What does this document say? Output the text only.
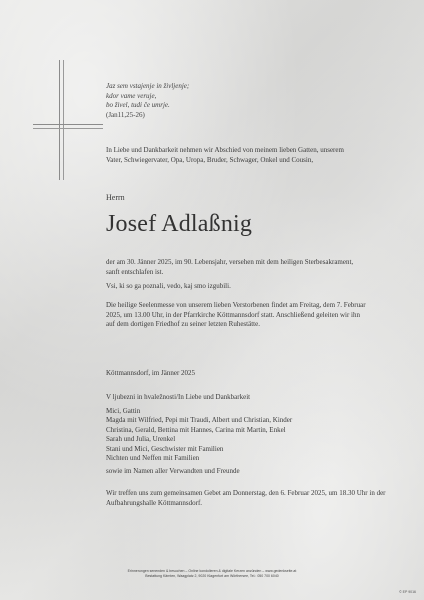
Jaz sem vstajenje in življenje;

kdor vame veruje,

bo živel, tudi če umrje.

(Jan11,25-26)

In Liebe und Dankbarkeit nehmen wir Abschied von meinem lieben Gatten, unserem Vater, Schwiegervater, Opa, Uropa, Bruder, Schwager, Onkel und Cousin,

Herrn

Josef Adlaßnig

der am 30. Jänner 2025, im 90. Lebensjahr, versehen mit dem heiligen Sterbesakrament, sanft entschlafen ist.

Vsi, ki so ga poznali, vedo, kaj smo izgubili.

Die heilige Seelenmesse von unserem lieben Verstorbenen findet am Freitag, dem 7. Februar 2025, um 13.00 Uhr, in der Pfarrkirche Köttmannsdorf statt. Anschließend geleiten wir ihn auf dem dortigen Friedhof zu seiner letzten Ruhestätte.

Köttmannsdorf, im Jänner 2025

V ljubezni in hvaležnosti/In Liebe und Dankbarkeit

Mici, Gattin

Magda mit Wilfried, Pepi mit Traudi, Albert und Christian, Kinder

Christina, Gerald, Bettina mit Hannes, Carina mit Martin, Enkel

Sarah und Julia, Urenkel

Stani und Mici, Geschwister mit Familien

Nichten und Neffen mit Familien

sowie im Namen aller Verwandten und Freunde

Wir treffen uns zum gemeinsamen Gebet am Donnerstag, den 6. Februar 2025, um 18.30 Uhr in der Aufbahrungshalle Köttmannsdorf.

Erinnerungen senenden & besuchen – Online kondolieren & digitale Kerzen anzünden – www.gedenkseite.at

Bestattung Kärnten, Waagplatz 2, 9020 Klagenfurt am Wörthersee, Tel.: 050 700 6040

© EP 9016
